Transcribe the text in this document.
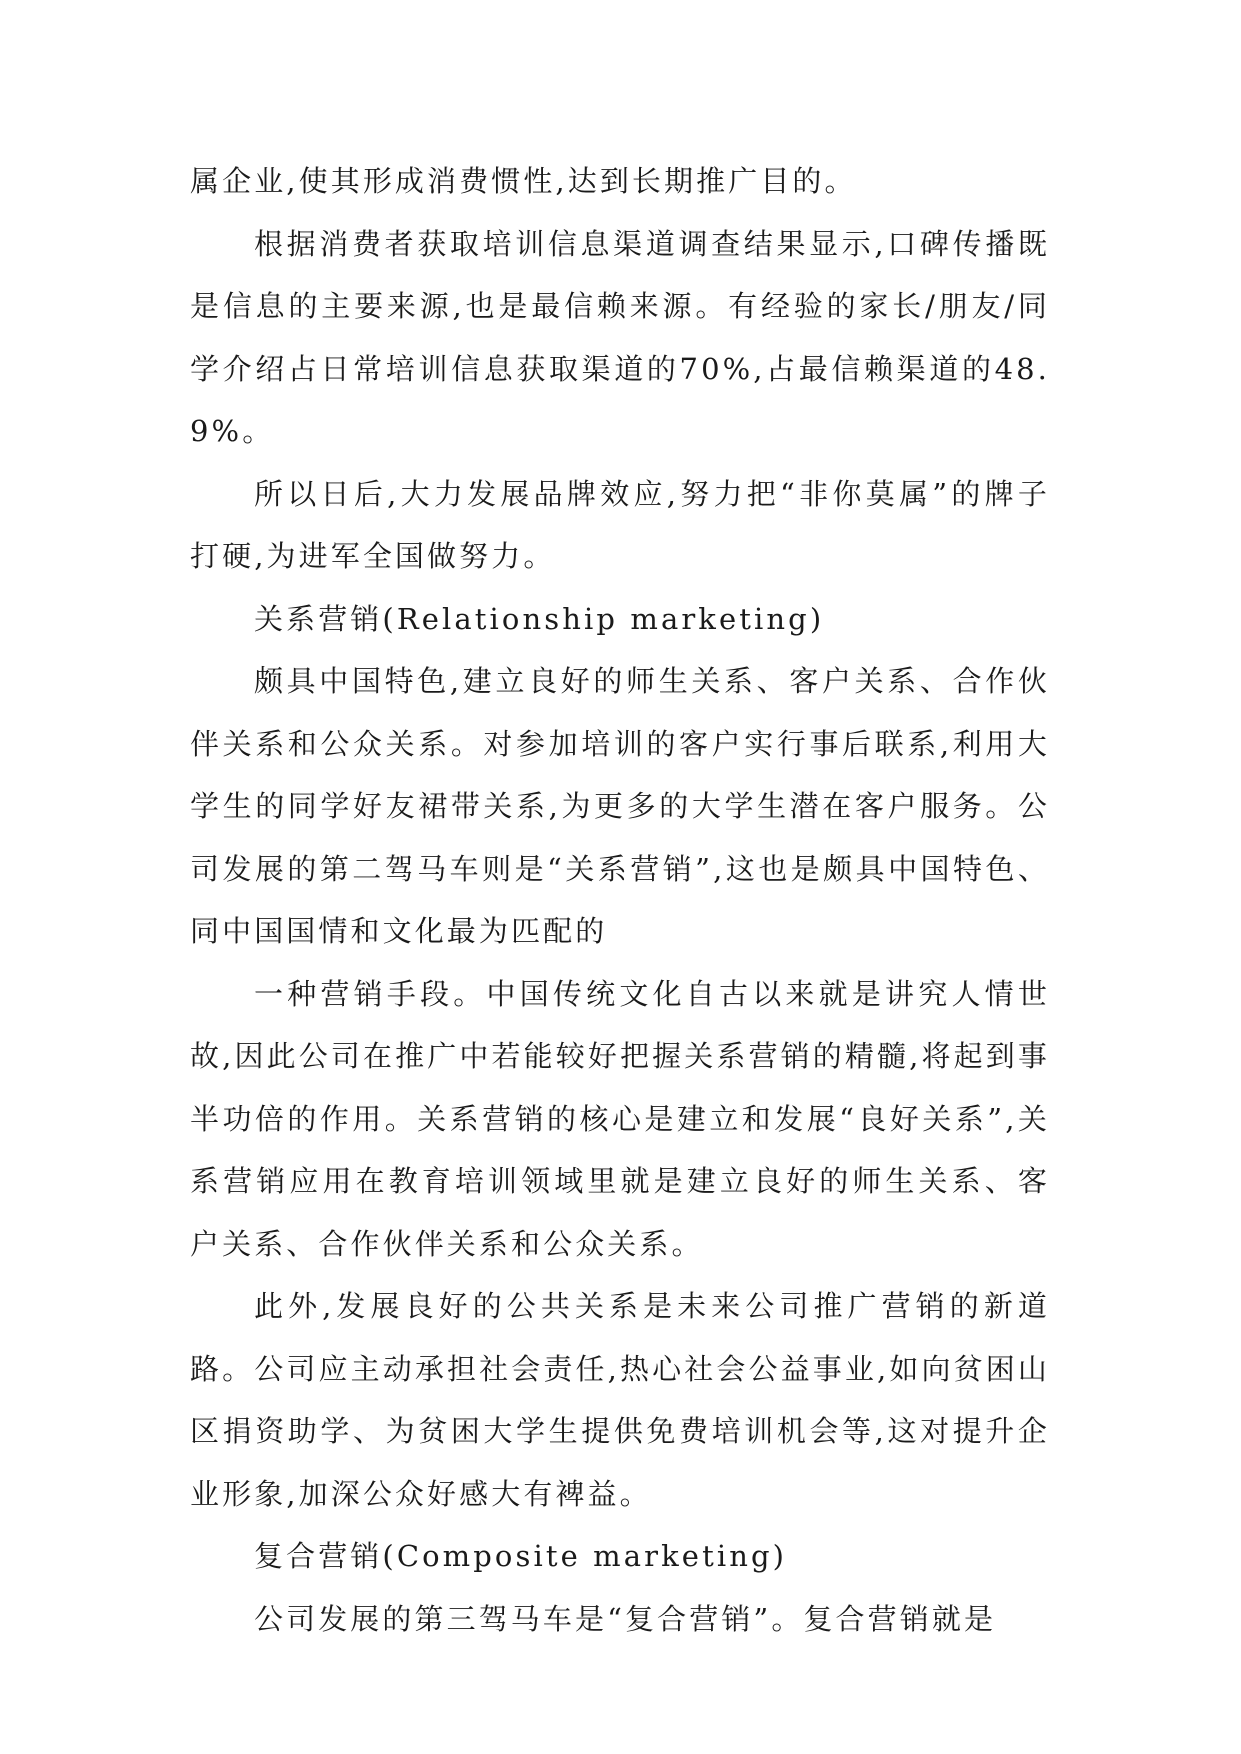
属企业,使其形成消费惯性,达到长期推广目的。

根据消费者获取培训信息渠道调查结果显示,口碑传播既是信息的主要来源,也是最信赖来源。有经验的家长/朋友/同学介绍占日常培训信息获取渠道的70%,占最信赖渠道的48.9%。

所以日后,大力发展品牌效应,努力把“非你莫属”的牌子打硬,为进军全国做努力。

关系营销(Relationship marketing)

颇具中国特色,建立良好的师生关系、客户关系、合作伙伴关系和公众关系。对参加培训的客户实行事后联系,利用大学生的同学好友裙带关系,为更多的大学生潜在客户服务。公司发展的第二驾马车则是“关系营销”,这也是颇具中国特色、同中国国情和文化最为匹配的

一种营销手段。中国传统文化自古以来就是讲究人情世故,因此公司在推广中若能较好把握关系营销的精髓,将起到事半功倍的作用。关系营销的核心是建立和发展“良好关系”,关系营销应用在教育培训领域里就是建立良好的师生关系、客户关系、合作伙伴关系和公众关系。

此外,发展良好的公共关系是未来公司推广营销的新道路。公司应主动承担社会责任,热心社会公益事业,如向贫困山区捐资助学、为贫困大学生提供免费培训机会等,这对提升企业形象,加深公众好感大有裨益。

复合营销(Composite marketing)

公司发展的第三驾马车是“复合营销”。复合营销就是
